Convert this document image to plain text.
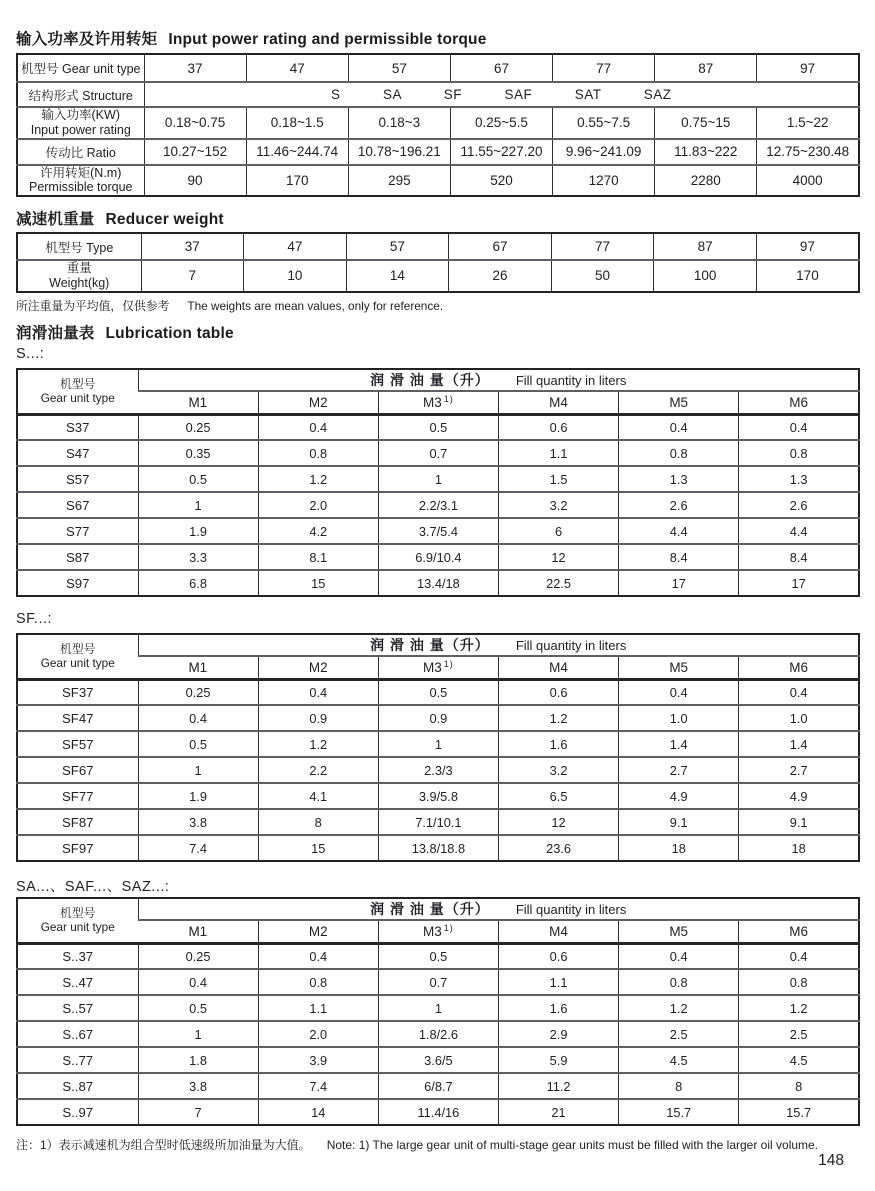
输入功率及许用转矩 Input power rating and permissible torque
机型号 Gear unit type	37	47	57	67	77	87	97
结构形式 Structure	S          SA          SF          SAF          SAT          SAZ						

输入功率(KW)
Input power rating	0.18~0.75	0.18~1.5	0.18~3	0.25~5.5	0.55~7.5	0.75~15	1.5~22
传动比 Ratio	10.27~152	11.46~244.74	10.78~196.21	11.55~227.20	9.96~241.09	11.83~222	12.75~230.48

许用转矩(N.m)
Permissible torque	90	170	295	520	1270	2280	4000
减速机重量 Reducer weight
机型号 Type	37	47	57	67	77	87	97

重量
Weight(kg)	7	10	14	26	50	100	170
所注重量为平均值，仅供参考 The weights are mean values, only for reference.
润滑油量表 Lubrication table
S...:
机型号
Gear unit type	润 滑 油 量（升） Fill quantity in liters					
	M1	M2	M3 $^{1)}$	M4	M5	M6
S37	0.25	0.4	0.5	0.6	0.4	0.4
S47	0.35	0.8	0.7	1.1	0.8	0.8
S57	0.5	1.2	1	1.5	1.3	1.3
S67	1	2.0	2.2/3.1	3.2	2.6	2.6
S77	1.9	4.2	3.7/5.4	6	4.4	4.4
S87	3.3	8.1	6.9/10.4	12	8.4	8.4
S97	6.8	15	13.4/18	22.5	17	17
SF...:
机型号
Gear unit type	润 滑 油 量（升） Fill quantity in liters					
	M1	M2	M3 $^{1)}$	M4	M5	M6
SF37	0.25	0.4	0.5	0.6	0.4	0.4
SF47	0.4	0.9	0.9	1.2	1.0	1.0
SF57	0.5	1.2	1	1.6	1.4	1.4
SF67	1	2.2	2.3/3	3.2	2.7	2.7
SF77	1.9	4.1	3.9/5.8	6.5	4.9	4.9
SF87	3.8	8	7.1/10.1	12	9.1	9.1
SF97	7.4	15	13.8/18.8	23.6	18	18
SA...、SAF...、SAZ...:
机型号
Gear unit type	润 滑 油 量（升） Fill quantity in liters					
	M1	M2	M3 $^{1)}$	M4	M5	M6
S..37	0.25	0.4	0.5	0.6	0.4	0.4
S..47	0.4	0.8	0.7	1.1	0.8	0.8
S..57	0.5	1.1	1	1.6	1.2	1.2
S..67	1	2.0	1.8/2.6	2.9	2.5	2.5
S..77	1.8	3.9	3.6/5	5.9	4.5	4.5
S..87	3.8	7.4	6/8.7	11.2	8	8
S..97	7	14	11.4/16	21	15.7	15.7
注：1）表示减速机为组合型时低速级所加油量为大值。 Note: 1) The large gear unit of multi-stage gear units must be filled with the larger oil volume.
148
